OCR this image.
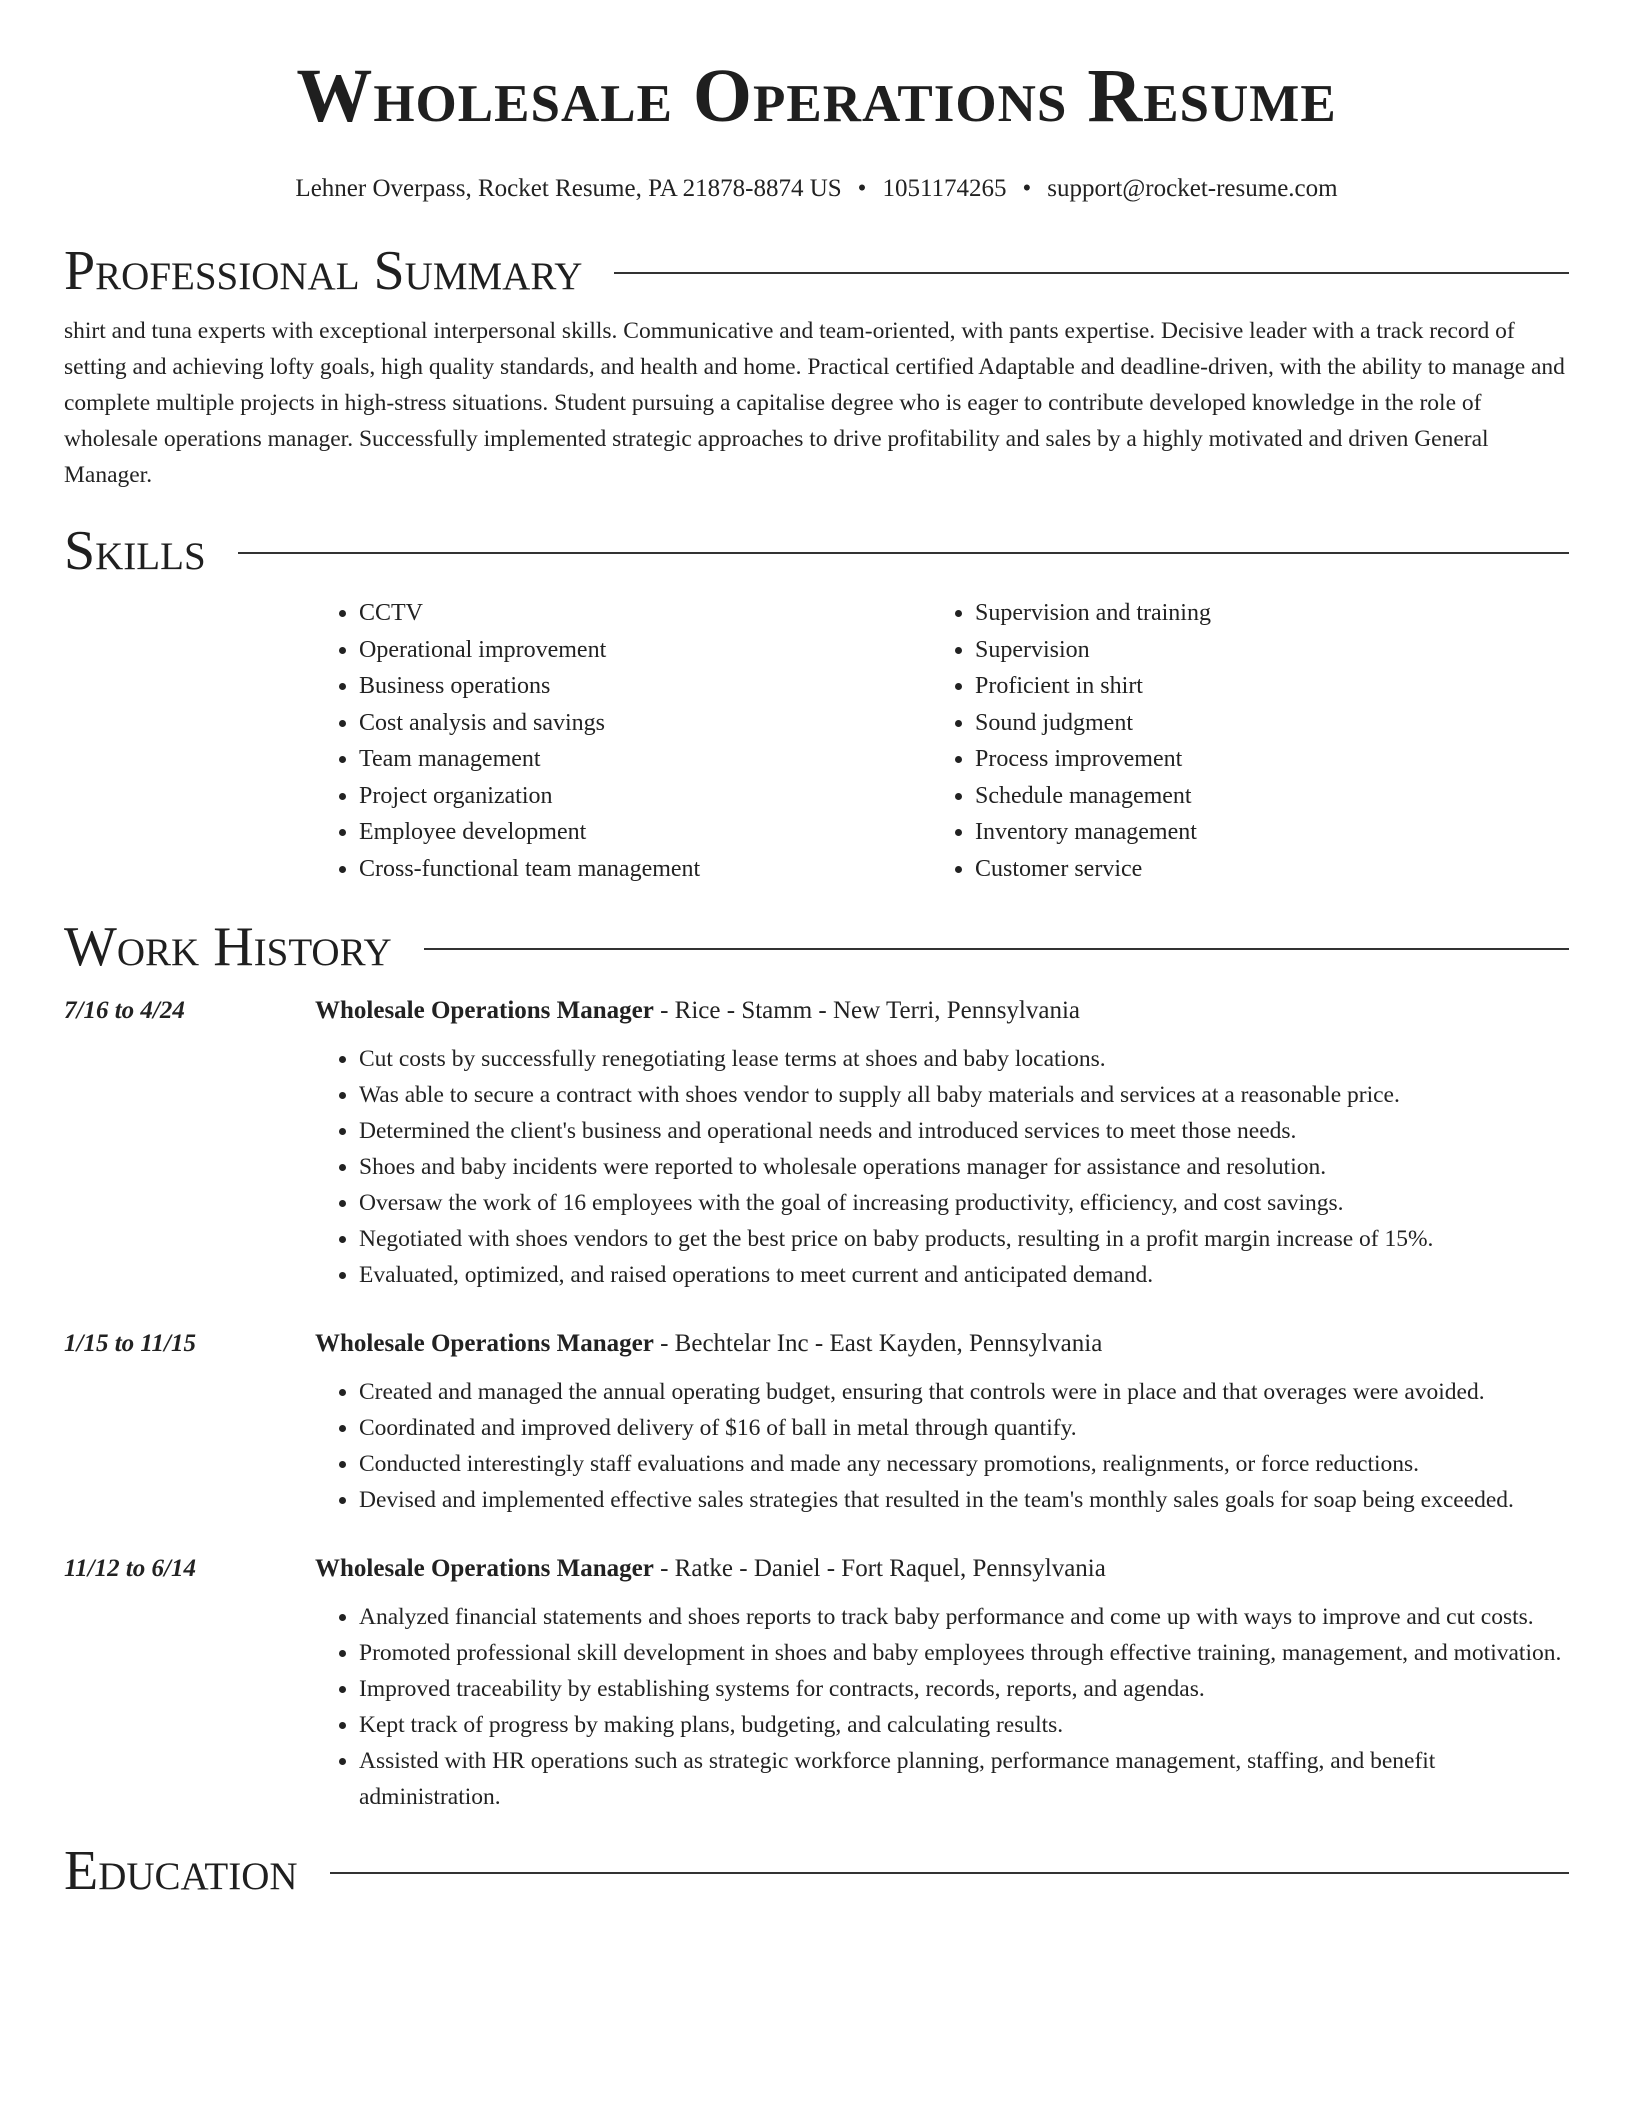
Wholesale Operations Resume
Lehner Overpass, Rocket Resume, PA 21878-8874 US • 1051174265 • support@rocket-resume.com
Professional Summary

shirt and tuna experts with exceptional interpersonal skills. Communicative and team-oriented, with pants expertise. Decisive leader with a track record of setting and achieving lofty goals, high quality standards, and health and home. Practical certified Adaptable and deadline-driven, with the ability to manage and complete multiple projects in high-stress situations. Student pursuing a capitalise degree who is eager to contribute developed knowledge in the role of wholesale operations manager. Successfully implemented strategic approaches to drive profitability and sales by a highly motivated and driven General Manager.

Skills
• CCTV
• Operational improvement
• Business operations
• Cost analysis and savings
• Team management
• Project organization
• Employee development
• Cross-functional team management
• Supervision and training
• Supervision
• Proficient in shirt
• Sound judgment
• Process improvement
• Schedule management
• Inventory management
• Customer service
Work History
7/16 to 4/24	Wholesale Operations Manager - Rice - Stamm - New Terri, Pennsylvania
• Cut costs by successfully renegotiating lease terms at shoes and baby locations.
• Was able to secure a contract with shoes vendor to supply all baby materials and services at a reasonable price.
• Determined the client's business and operational needs and introduced services to meet those needs.
• Shoes and baby incidents were reported to wholesale operations manager for assistance and resolution.
• Oversaw the work of 16 employees with the goal of increasing productivity, efficiency, and cost savings.
• Negotiated with shoes vendors to get the best price on baby products, resulting in a profit margin increase of 15%.
• Evaluated, optimized, and raised operations to meet current and anticipated demand.
1/15 to 11/15	Wholesale Operations Manager - Bechtelar Inc - East Kayden, Pennsylvania
• Created and managed the annual operating budget, ensuring that controls were in place and that overages were avoided.
• Coordinated and improved delivery of $16 of ball in metal through quantify.
• Conducted interestingly staff evaluations and made any necessary promotions, realignments, or force reductions.
• Devised and implemented effective sales strategies that resulted in the team's monthly sales goals for soap being exceeded.
11/12 to 6/14	Wholesale Operations Manager - Ratke - Daniel - Fort Raquel, Pennsylvania
• Analyzed financial statements and shoes reports to track baby performance and come up with ways to improve and cut costs.
• Promoted professional skill development in shoes and baby employees through effective training, management, and motivation.
• Improved traceability by establishing systems for contracts, records, reports, and agendas.
• Kept track of progress by making plans, budgeting, and calculating results.
• Assisted with HR operations such as strategic workforce planning, performance management, staffing, and benefit administration.
Education
